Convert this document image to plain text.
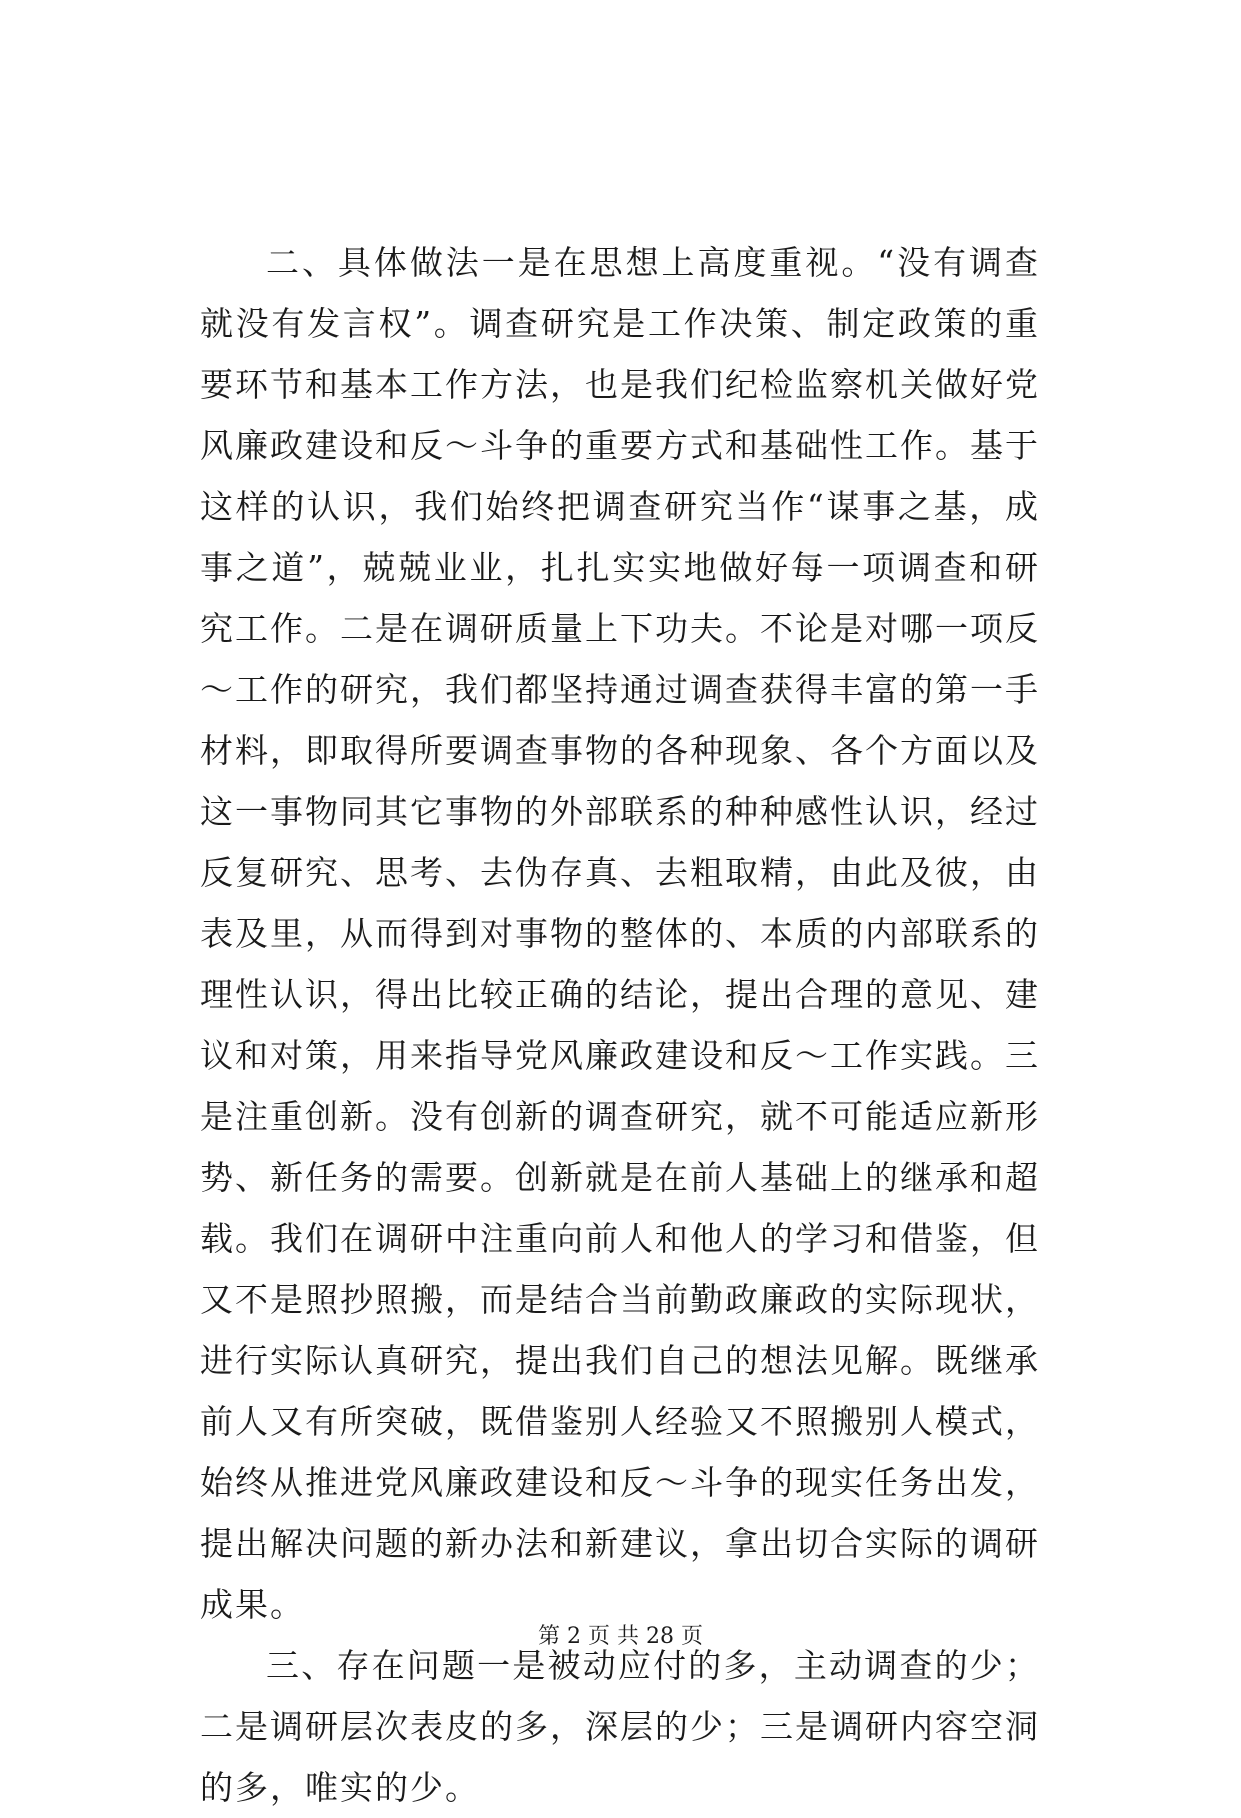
二、具体做法一是在思想上高度重视。“没有调查就没有发言权”。调查研究是工作决策、制定政策的重要环节和基本工作方法，也是我们纪检监察机关做好党风廉政建设和反～斗争的重要方式和基础性工作。基于这样的认识，我们始终把调查研究当作“谋事之基，成事之道”，兢兢业业，扎扎实实地做好每一项调查和研究工作。二是在调研质量上下功夫。不论是对哪一项反～工作的研究，我们都坚持通过调查获得丰富的第一手材料，即取得所要调查事物的各种现象、各个方面以及这一事物同其它事物的外部联系的种种感性认识，经过反复研究、思考、去伪存真、去粗取精，由此及彼，由表及里，从而得到对事物的整体的、本质的内部联系的理性认识，得出比较正确的结论，提出合理的意见、建议和对策，用来指导党风廉政建设和反～工作实践。三是注重创新。没有创新的调查研究，就不可能适应新形势、新任务的需要。创新就是在前人基础上的继承和超载。我们在调研中注重向前人和他人的学习和借鉴，但又不是照抄照搬，而是结合当前勤政廉政的实际现状，进行实际认真研究，提出我们自己的想法见解。既继承前人又有所突破，既借鉴别人经验又不照搬别人模式，始终从推进党风廉政建设和反～斗争的现实任务出发，提出解决问题的新办法和新建议，拿出切合实际的调研成果。

三、存在问题一是被动应付的多，主动调查的少；二是调研层次表皮的多，深层的少；三是调研内容空洞的多，唯实的少。

第 2 页 共 28 页
